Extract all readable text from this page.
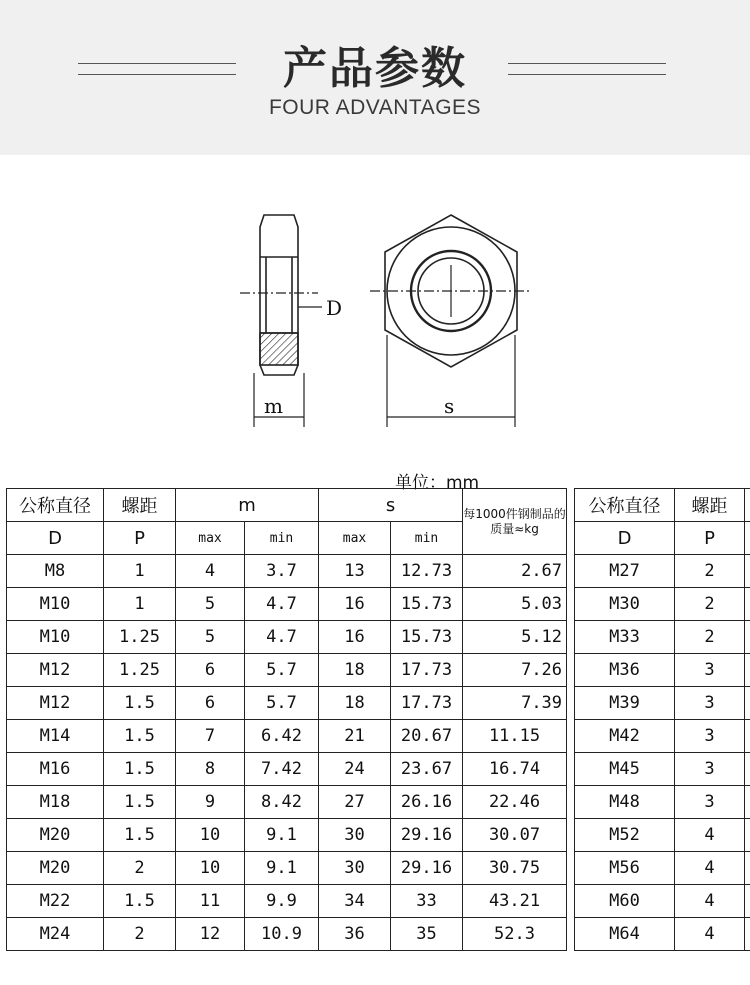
产品参数
FOUR ADVANTAGES
D
m	s
单位：mm
公称直径	螺距	m		s		每1000件钢制品的质量≈kg
D	P					
		max	min	max	min	
M8	1	4	3.7	13	12.73	2.67
M10	1	5	4.7	16	15.73	5.03
M10	1.25	5	4.7	16	15.73	5.12
M12	1.25	6	5.7	18	17.73	7.26
M12	1.5	6	5.7	18	17.73	7.39
M14	1.5	7	6.42	21	20.67	11.15
M16	1.5	8	7.42	24	23.67	16.74
M18	1.5	9	8.42	27	26.16	22.46
M20	1.5	10	9.1	30	29.16	30.07
M20	2	10	9.1	30	29.16	30.75
M22	1.5	11	9.9	34	33	43.21
M24	2	12	10.9	36	35	52.3
公称直径	螺距	
D	P	

M27	2	
M30	2	
M33	2	
M36	3	
M39	3	
M42	3	
M45	3	
M48	3	
M52	4	
M56	4	
M60	4	
M64	4	
